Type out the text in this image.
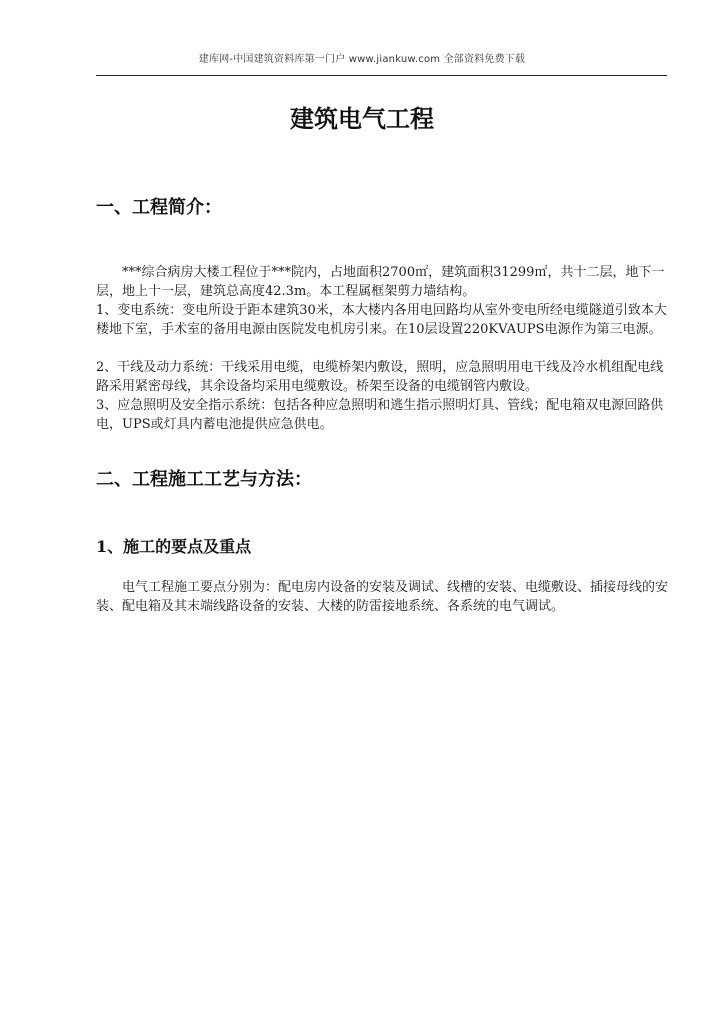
建库网-中国建筑资料库第一门户 www.jiankuw.com 全部资料免费下载
建筑电气工程
一、工程简介：

***综合病房大楼工程位于***院内，占地面积2700㎡，建筑面积31299㎡，共十二层，地下一层，地上十一层，建筑总高度42.3m。本工程属框架剪力墙结构。

1、变电系统：变电所设于距本建筑30米，本大楼内各用电回路均从室外变电所经电缆隧道引致本大楼地下室，手术室的备用电源由医院发电机房引来。在10层设置220KVAUPS电源作为第三电源。

2、干线及动力系统：干线采用电缆，电缆桥架内敷设，照明，应急照明用电干线及冷水机组配电线路采用紧密母线，其余设备均采用电缆敷设。桥架至设备的电缆钢管内敷设。

3、应急照明及安全指示系统：包括各种应急照明和逃生指示照明灯具、管线；配电箱双电源回路供电，UPS或灯具内蓄电池提供应急供电。

二、工程施工工艺与方法：
1、施工的要点及重点

电气工程施工要点分别为：配电房内设备的安装及调试、线槽的安装、电缆敷设、插接母线的安装、配电箱及其末端线路设备的安装、大楼的防雷接地系统、各系统的电气调试。
